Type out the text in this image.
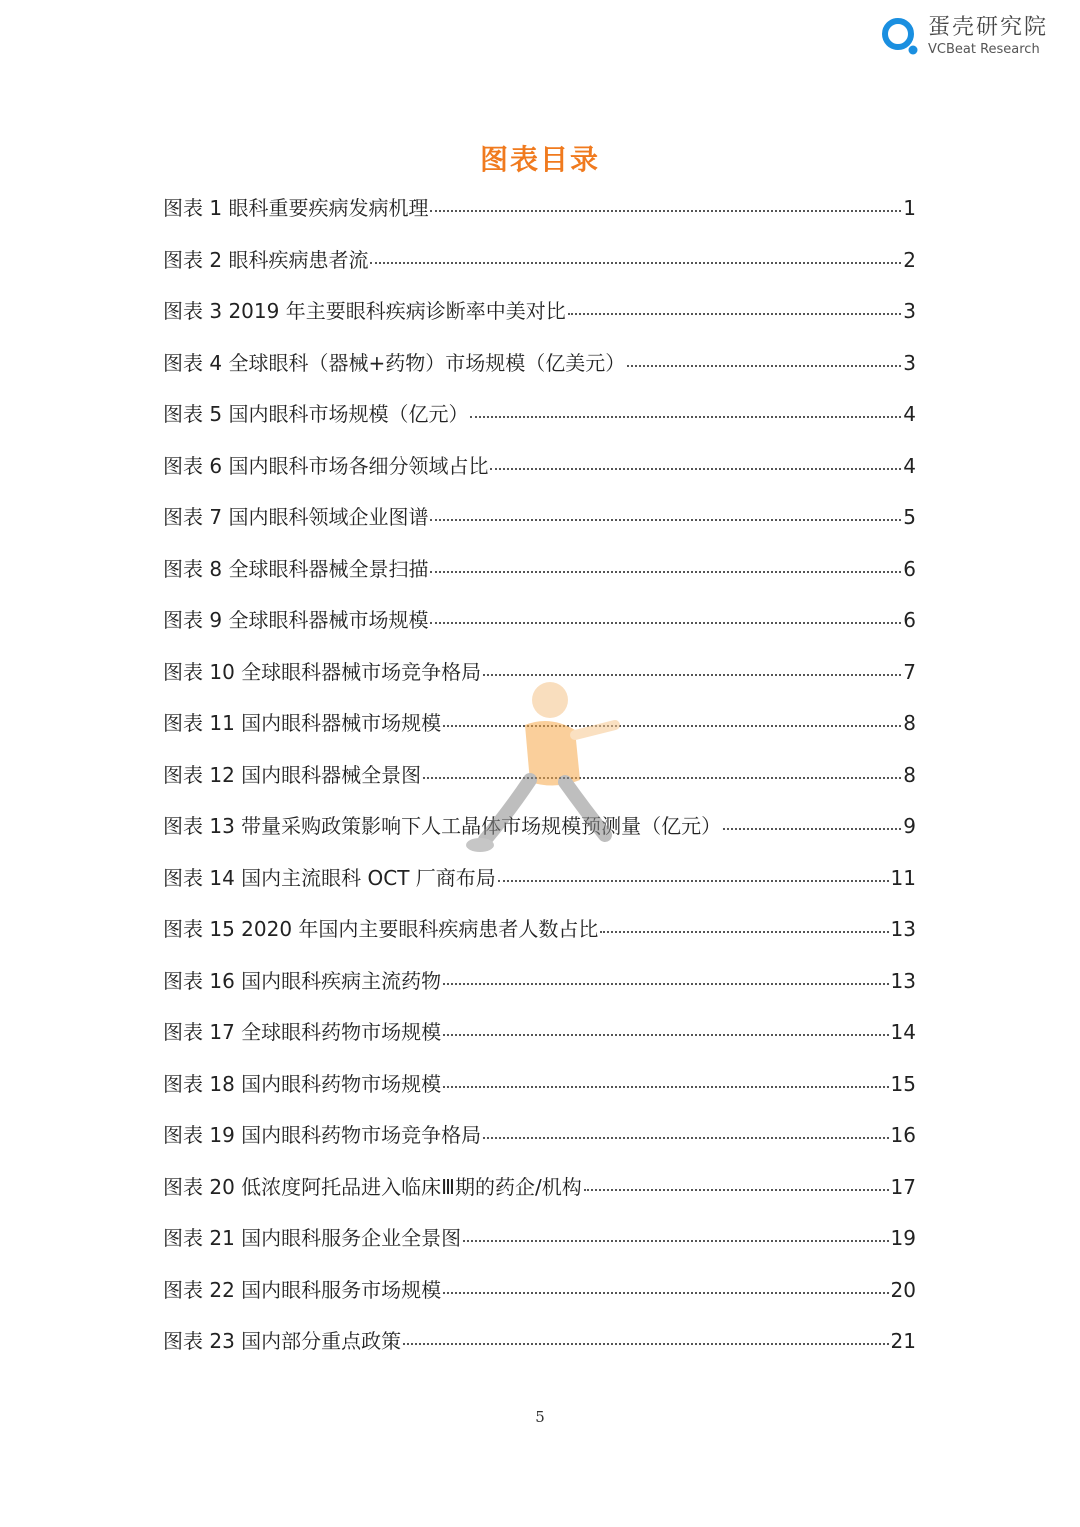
蛋壳研究院
VCBeat Research
图表目录
图表 1 眼科重要疾病发病机理	1
图表 2 眼科疾病患者流	2
图表 3 2019 年主要眼科疾病诊断率中美对比	3
图表 4 全球眼科（器械+药物）市场规模（亿美元）	3
图表 5 国内眼科市场规模（亿元）	4
图表 6 国内眼科市场各细分领域占比	4
图表 7 国内眼科领域企业图谱	5
图表 8 全球眼科器械全景扫描	6
图表 9 全球眼科器械市场规模	6
图表 10 全球眼科器械市场竞争格局	7
图表 11 国内眼科器械市场规模	8
图表 12 国内眼科器械全景图	8
图表 13 带量采购政策影响下人工晶体市场规模预测量（亿元）	9
图表 14 国内主流眼科 OCT 厂商布局	11
图表 15 2020 年国内主要眼科疾病患者人数占比	13
图表 16 国内眼科疾病主流药物	13
图表 17 全球眼科药物市场规模	14
图表 18 国内眼科药物市场规模	15
图表 19 国内眼科药物市场竞争格局	16
图表 20 低浓度阿托品进入临床Ⅲ期的药企/机构	17
图表 21 国内眼科服务企业全景图	19
图表 22 国内眼科服务市场规模	20
图表 23 国内部分重点政策	21
5
